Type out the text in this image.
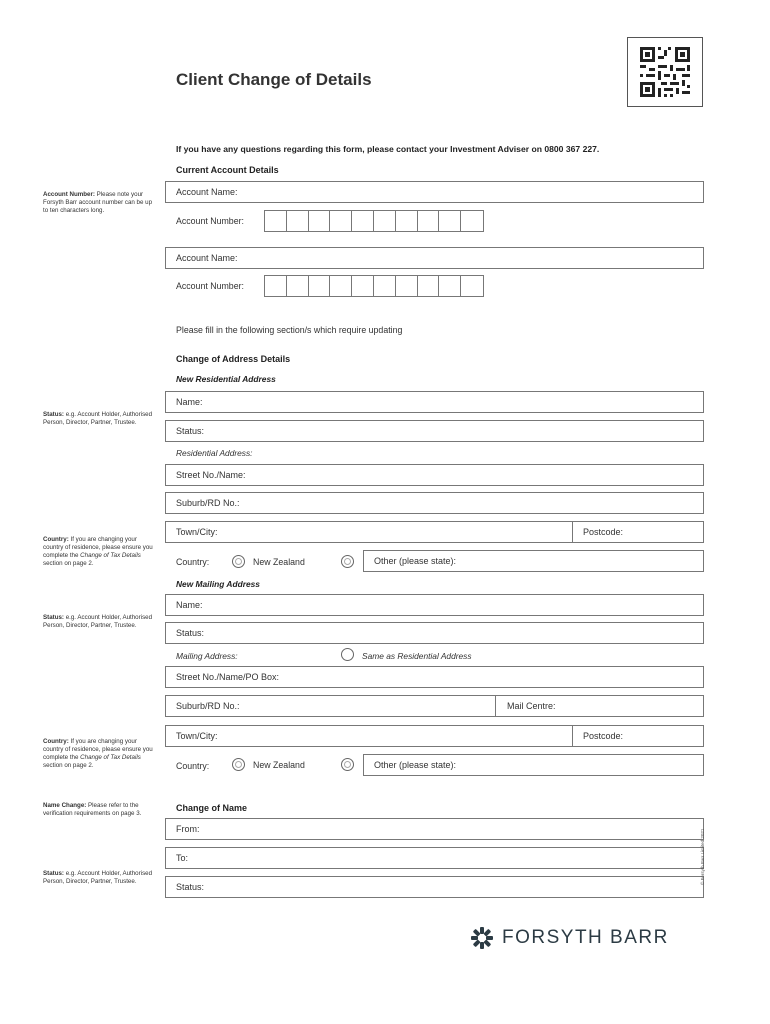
Client Change of Details
If you have any questions regarding this form, please contact your Investment Adviser on 0800 367 227.
Current Account Details
Account Name:
Account Number:
Account Name:
Account Number:
Please fill in the following section/s which require updating
Change of Address Details
New Residential Address
Name:
Status:
Residential Address:
Street No./Name:
Suburb/RD No.:
Town/City:	Postcode:
Country:	New Zealand	Other (please state):
New Mailing Address
Name:
Status:
Mailing Address:	Same as Residential Address
Street No./Name/PO Box:
Suburb/RD No.:	Mail Centre:
Town/City:	Postcode:
Country:	New Zealand	Other (please state):
Change of Name
From:
To:
Status:
Account Number: Please note your Forsyth Barr account number can be up to ten characters long.
Status: e.g. Account Holder, Authorised Person, Director, Partner, Trustee.
Country: If you are changing your country of residence, please ensure you complete the Change of Tax Details section on page 2.
Status: e.g. Account Holder, Authorised Person, Director, Partner, Trustee.
Country: If you are changing your country of residence, please ensure you complete the Change of Tax Details section on page 2.
Name Change: Please refer to the verification requirements on page 3.
Status: e.g. Account Holder, Authorised Person, Director, Partner, Trustee.	© Forsyth Barr Limited 2021
FORSYTH BARR
